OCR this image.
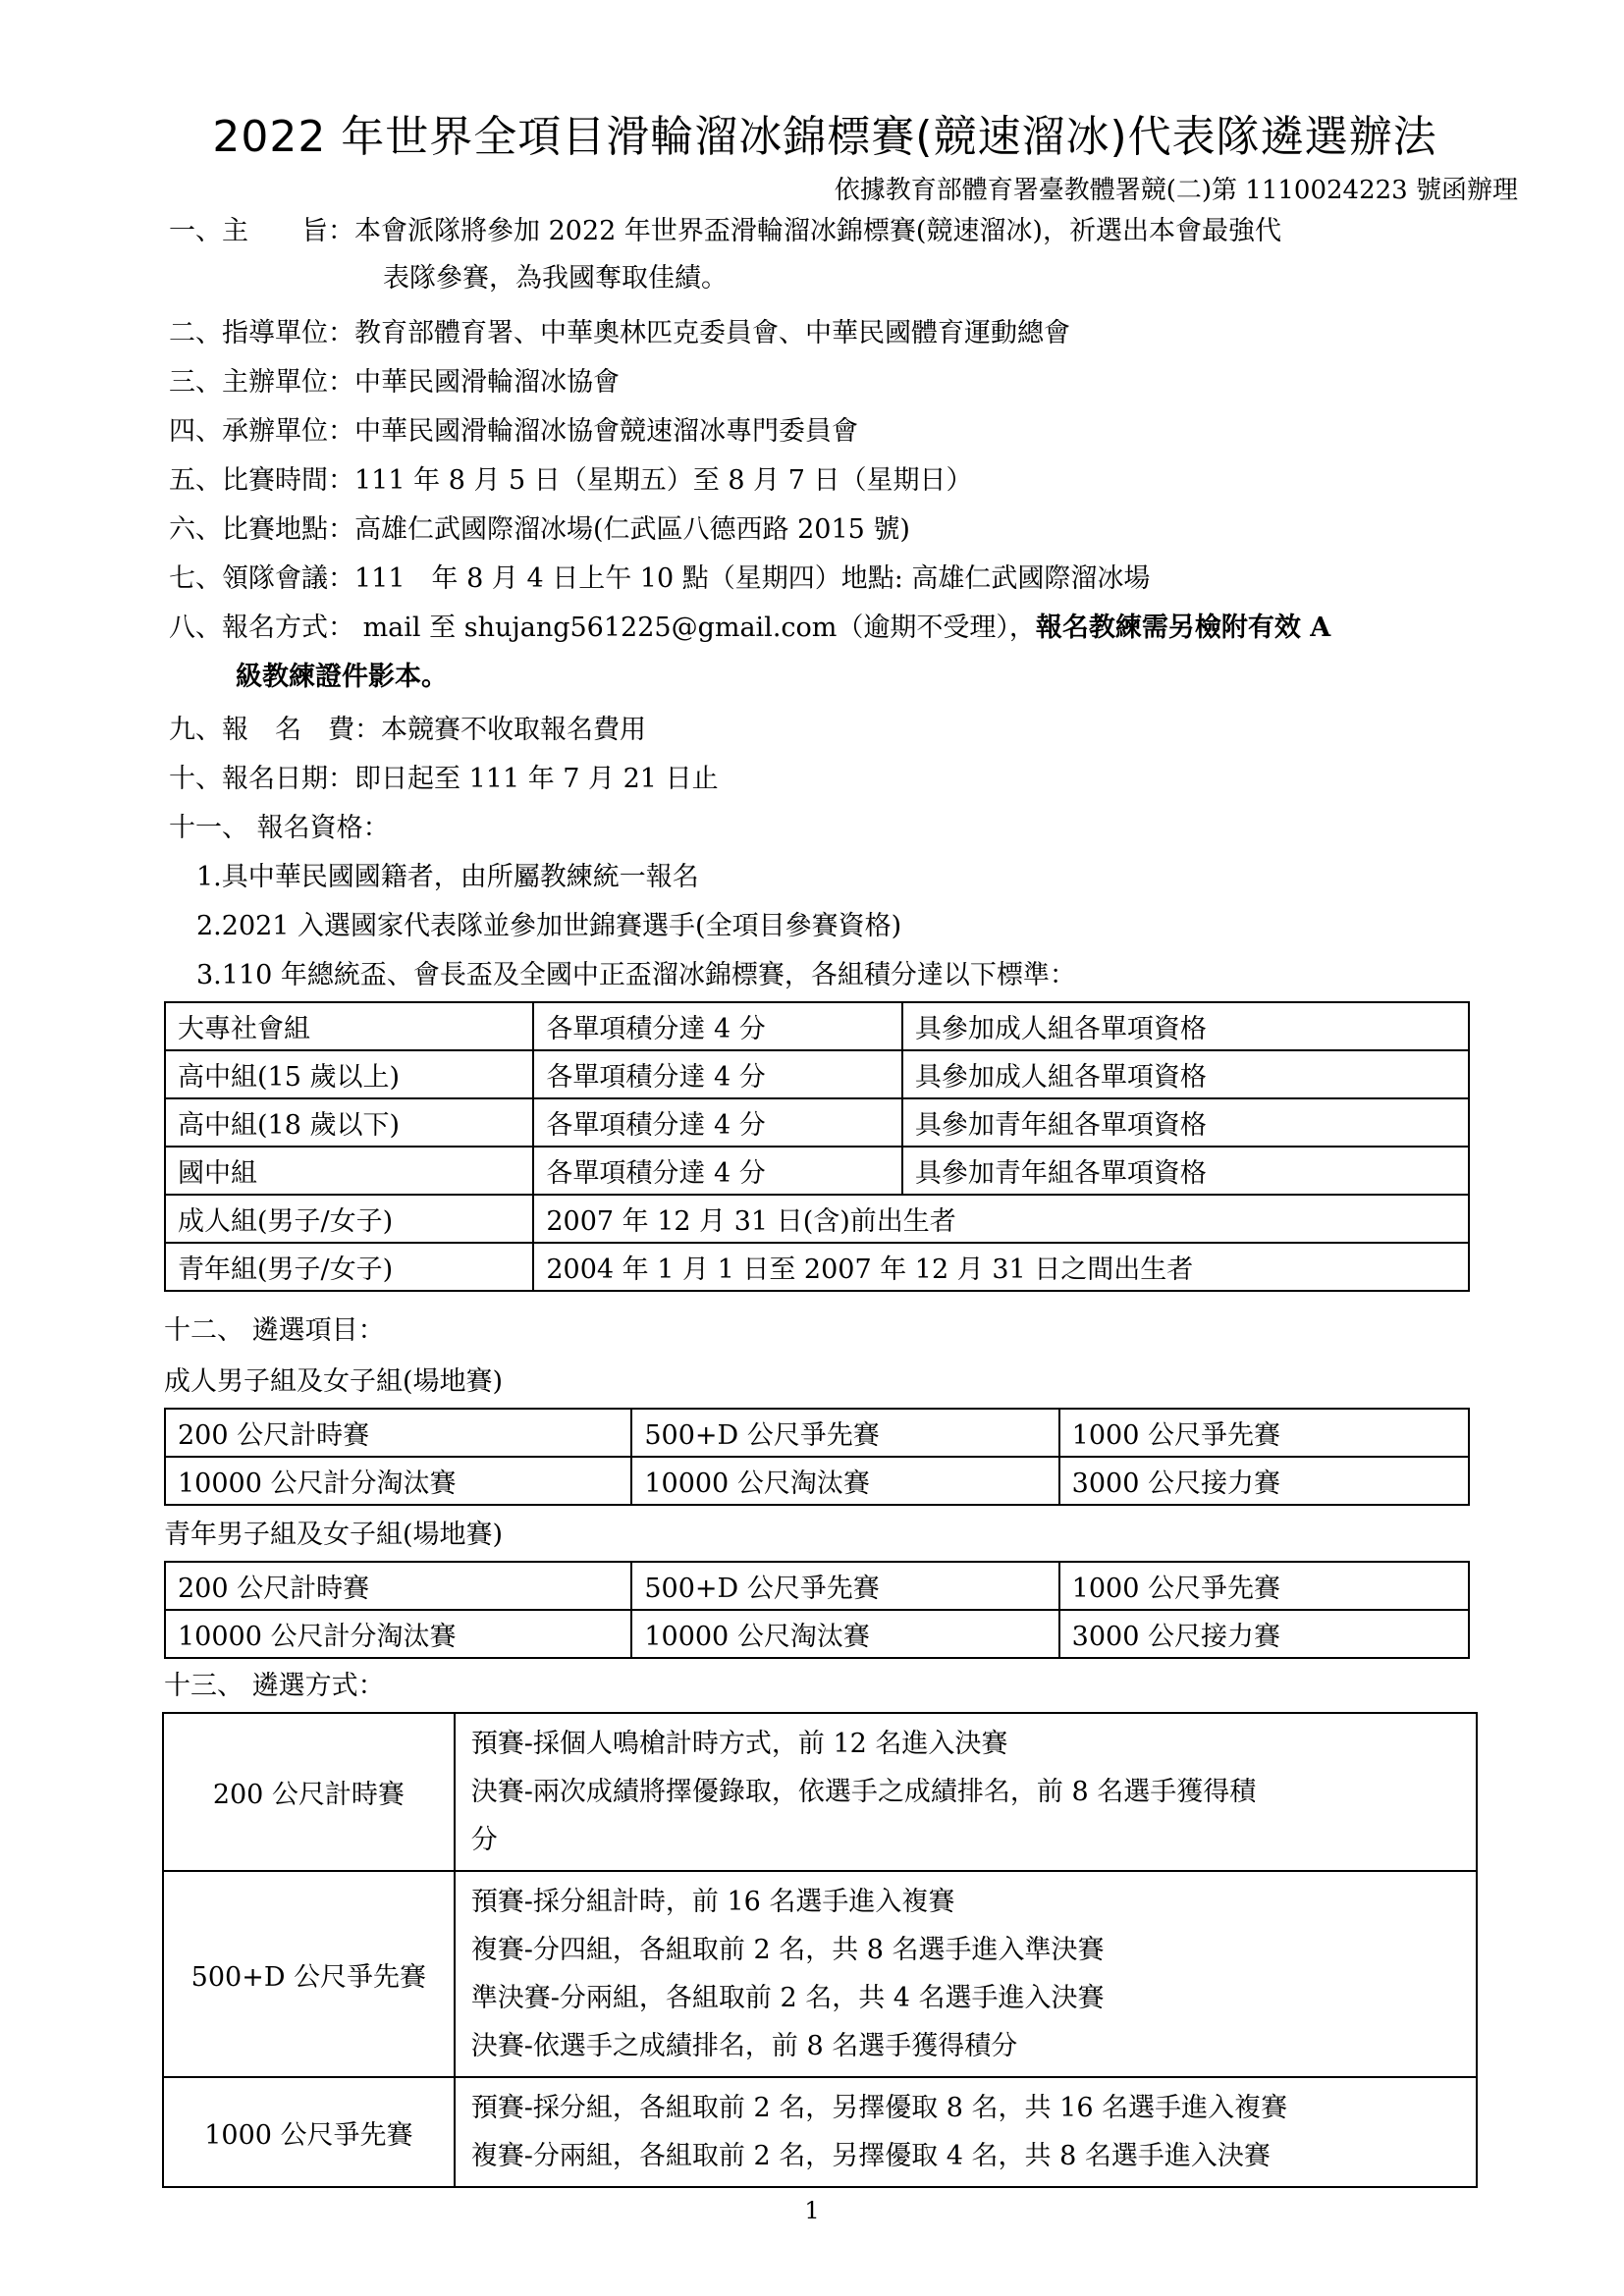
2022 年世界全項目滑輪溜冰錦標賽(競速溜冰)代表隊遴選辦法
依據教育部體育署臺教體署競(二)第 1110024223 號函辦理
一、主　　旨：本會派隊將參加 2022 年世界盃滑輪溜冰錦標賽(競速溜冰)，祈選出本會最強代
表隊參賽，為我國奪取佳績。
二、指導單位：教育部體育署、中華奧林匹克委員會、中華民國體育運動總會
三、主辦單位：中華民國滑輪溜冰協會
四、承辦單位：中華民國滑輪溜冰協會競速溜冰專門委員會
五、比賽時間：111 年 8 月 5 日（星期五）至 8 月 7 日（星期日）
六、比賽地點：高雄仁武國際溜冰場(仁武區八德西路 2015 號)
七、領隊會議：111　年 8 月 4 日上午 10 點（星期四）地點: 高雄仁武國際溜冰場
八、報名方式： mail 至 shujang561225@gmail.com（逾期不受理），報名教練需另檢附有效 A
級教練證件影本。
九、報　名　費：本競賽不收取報名費用
十、報名日期：即日起至 111 年 7 月 21 日止
十一、 報名資格：
1.具中華民國國籍者，由所屬教練統一報名
2.2021 入選國家代表隊並參加世錦賽選手(全項目參賽資格)
3.110 年總統盃、會長盃及全國中正盃溜冰錦標賽，各組積分達以下標準：
大專社會組	各單項積分達 4 分	具參加成人組各單項資格
高中組(15 歲以上)	各單項積分達 4 分	具參加成人組各單項資格
高中組(18 歲以下)	各單項積分達 4 分	具參加青年組各單項資格
國中組	各單項積分達 4 分	具參加青年組各單項資格
成人組(男子/女子)	2007 年 12 月 31 日(含)前出生者	
青年組(男子/女子)	2004 年 1 月 1 日至 2007 年 12 月 31 日之間出生者	
十二、 遴選項目：
成人男子組及女子組(場地賽)
200 公尺計時賽	500+D 公尺爭先賽	1000 公尺爭先賽
10000 公尺計分淘汰賽	10000 公尺淘汰賽	3000 公尺接力賽
青年男子組及女子組(場地賽)
200 公尺計時賽	500+D 公尺爭先賽	1000 公尺爭先賽
10000 公尺計分淘汰賽	10000 公尺淘汰賽	3000 公尺接力賽
十三、 遴選方式：
200 公尺計時賽	預賽-採個人鳴槍計時方式，前 12 名進入決賽
決賽-兩次成績將擇優錄取，依選手之成績排名，前 8 名選手獲得積
分

500+D 公尺爭先賽	預賽-採分組計時，前 16 名選手進入複賽
複賽-分四組，各組取前 2 名，共 8 名選手進入準決賽
準決賽-分兩組，各組取前 2 名，共 4 名選手進入決賽
決賽-依選手之成績排名，前 8 名選手獲得積分

1000 公尺爭先賽	預賽-採分組，各組取前 2 名，另擇優取 8 名，共 16 名選手進入複賽
複賽-分兩組，各組取前 2 名，另擇優取 4 名，共 8 名選手進入決賽
1
